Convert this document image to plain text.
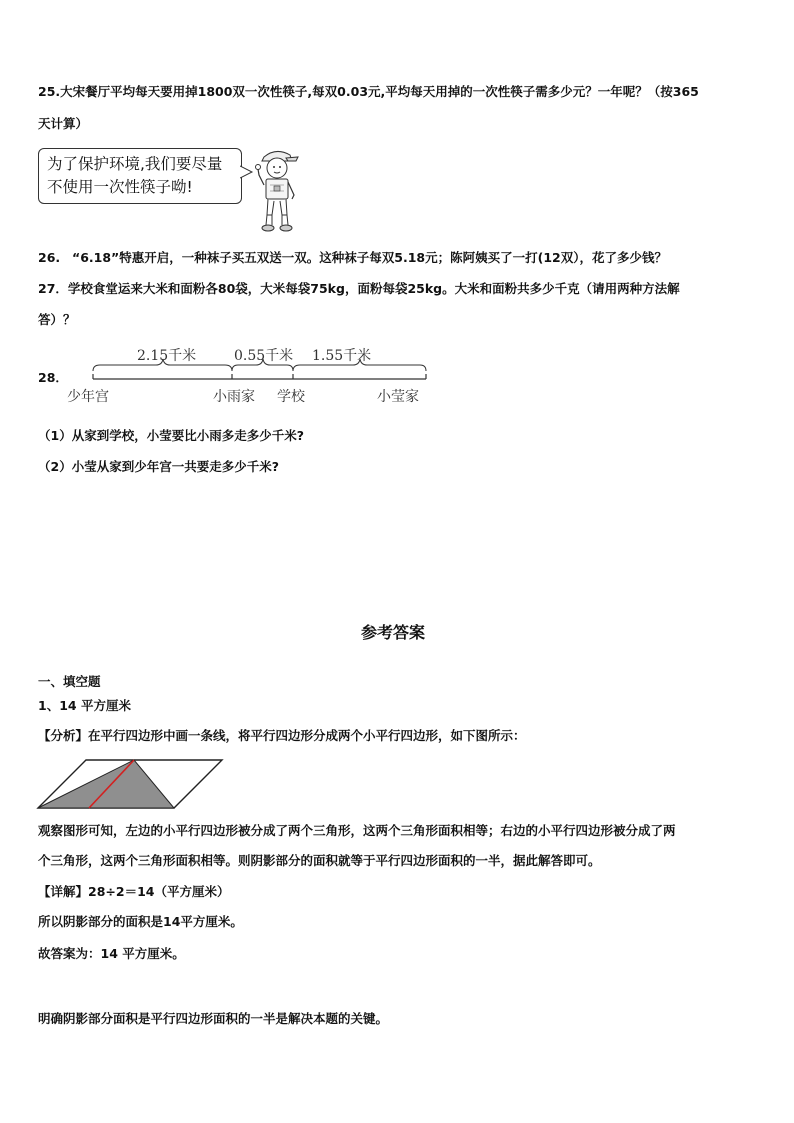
25.大宋餐厅平均每天要用掉1800双一次性筷子,每双0.03元,平均每天用掉的一次性筷子需多少元？一年呢？（按365
天计算）
为了保护环境,我们要尽量
不使用一次性筷子呦!
26. “6.18”特惠开启，一种袜子买五双送一双。这种袜子每双5.18元；陈阿姨买了一打(12双），花了多少钱？
27．学校食堂运来大米和面粉各80袋，大米每袋75kg，面粉每袋25kg。大米和面粉共多少千克（请用两种方法解
答）？
28．
2.15千米	0.55千米 1.55千米
少年宫	小雨家 学校	小莹家
（1）从家到学校，小莹要比小雨多走多少千米?
（2）小莹从家到少年宫一共要走多少千米?
参考答案
一、填空题
1、14 平方厘米
【分析】在平行四边形中画一条线，将平行四边形分成两个小平行四边形，如下图所示：
观察图形可知，左边的小平行四边形被分成了两个三角形，这两个三角形面积相等；右边的小平行四边形被分成了两
个三角形，这两个三角形面积相等。则阴影部分的面积就等于平行四边形面积的一半，据此解答即可。
【详解】28÷2＝14（平方厘米）
所以阴影部分的面积是14平方厘米。
故答案为：14 平方厘米。
明确阴影部分面积是平行四边形面积的一半是解决本题的关键。
